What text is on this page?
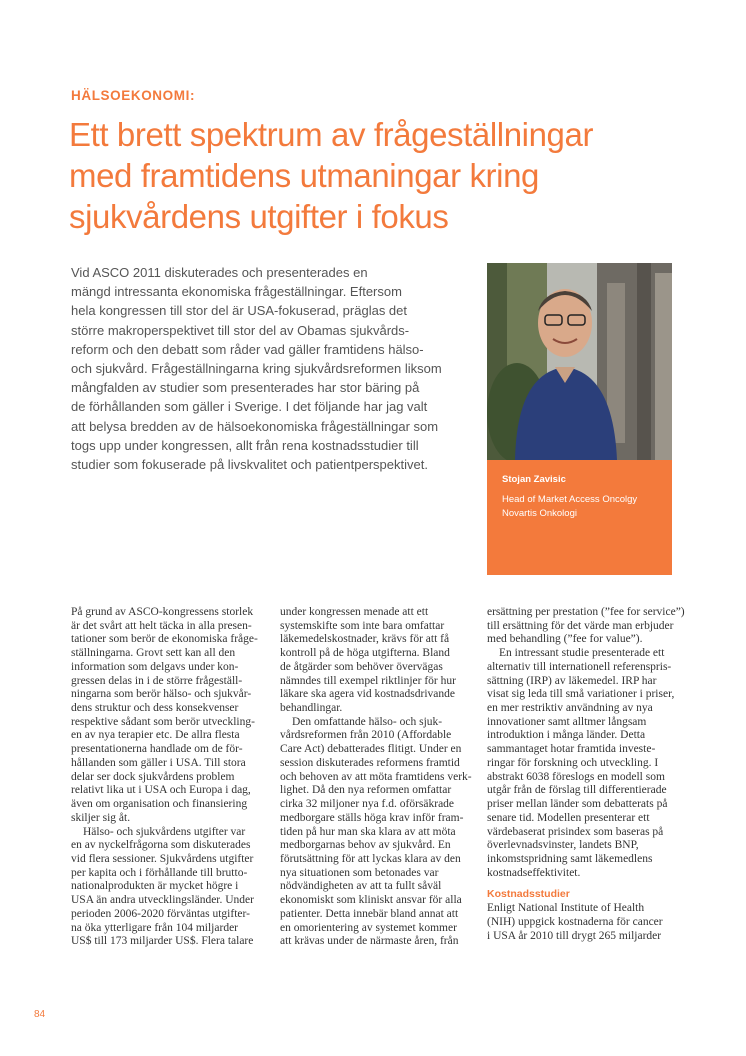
HÄLSOEKONOMI:
Ett brett spektrum av frågeställningar
med framtidens utmaningar kring
sjukvårdens utgifter i fokus
Vid ASCO 2011 diskuterades och presenterades en
mängd intressanta ekonomiska frågeställningar. Eftersom
hela kongressen till stor del är USA-fokuserad, präglas det
större makroperspektivet till stor del av Obamas sjukvårds-
reform och den debatt som råder vad gäller framtidens hälso-
och sjukvård. Frågeställningarna kring sjukvårdsreformen liksom
mångfalden av studier som presenterades har stor bäring på
de förhållanden som gäller i Sverige. I det följande har jag valt
att belysa bredden av de hälsoekonomiska frågeställningar som
togs upp under kongressen, allt från rena kostnadsstudier till
studier som fokuserade på livskvalitet och patientperspektivet.
Stojan Zavisic
Head of Market Access Oncolgy
Novartis Onkologi
På grund av ASCO-kongressens storlek
är det svårt att helt täcka in alla presen-
tationer som berör de ekonomiska fråge-
ställningarna. Grovt sett kan all den
information som delgavs under kon-
gressen delas in i de större frågeställ-
ningarna som berör hälso- och sjukvår-
dens struktur och dess konsekvenser
respektive sådant som berör utveckling-
en av nya terapier etc. De allra flesta
presentationerna handlade om de för-
hållanden som gäller i USA. Till stora
delar ser dock sjukvårdens problem
relativt lika ut i USA och Europa i dag,
även om organisation och finansiering
skiljer sig åt.
Hälso- och sjukvårdens utgifter var
en av nyckelfrågorna som diskuterades
vid flera sessioner. Sjukvårdens utgifter
per kapita och i förhållande till brutto-
nationalprodukten är mycket högre i
USA än andra utvecklingsländer. Under
perioden 2006-2020 förväntas utgifter-
na öka ytterligare från 104 miljarder
US$ till 173 miljarder US$. Flera talare
under kongressen menade att ett
systemskifte som inte bara omfattar
läkemedelskostnader, krävs för att få
kontroll på de höga utgifterna. Bland
de åtgärder som behöver övervägas
nämndes till exempel riktlinjer för hur
läkare ska agera vid kostnadsdrivande
behandlingar.
Den omfattande hälso- och sjuk-
vårdsreformen från 2010 (Affordable
Care Act) debatterades flitigt. Under en
session diskuterades reformens framtid
och behoven av att möta framtidens verk-
lighet. Då den nya reformen omfattar
cirka 32 miljoner nya f.d. oförsäkrade
medborgare ställs höga krav inför fram-
tiden på hur man ska klara av att möta
medborgarnas behov av sjukvård. En
förutsättning för att lyckas klara av den
nya situationen som betonades var
nödvändigheten av att ta fullt såväl
ekonomiskt som kliniskt ansvar för alla
patienter. Detta innebär bland annat att
en omorientering av systemet kommer
att krävas under de närmaste åren, från
ersättning per prestation (”fee for service”)
till ersättning för det värde man erbjuder
med behandling (”fee for value”).
En intressant studie presenterade ett
alternativ till internationell referenspris-
sättning (IRP) av läkemedel. IRP har
visat sig leda till små variationer i priser,
en mer restriktiv användning av nya
innovationer samt alltmer långsam
introduktion i många länder. Detta
sammantaget hotar framtida investe-
ringar för forskning och utveckling. I
abstrakt 6038 föreslogs en modell som
utgår från de förslag till differentierade
priser mellan länder som debatterats på
senare tid. Modellen presenterar ett
värdebaserat prisindex som baseras på
överlevnadsvinster, landets BNP,
inkomstspridning samt läkemedlens
kostnadseffektivitet.
Kostnadsstudier
Enligt National Institute of Health
(NIH) uppgick kostnaderna för cancer
i USA år 2010 till drygt 265 miljarder
84
